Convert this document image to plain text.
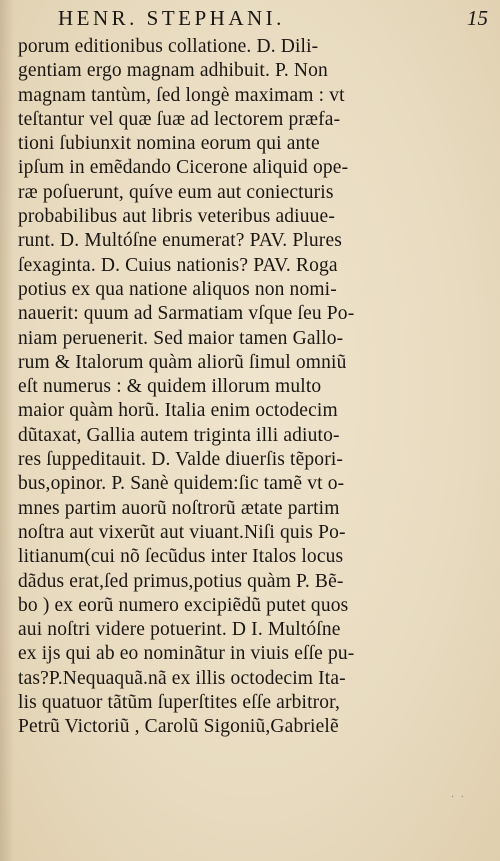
HENR. STEPHANI.	15
porum editionibus collatione. D. Dili-
gentiam ergo magnam adhibuit. P. Non
magnam tantùm, ſed longè maximam : vt
teſtantur vel quæ ſuæ ad lectorem præfa-
tioni ſubiunxit nomina eorum qui ante
ipſum in emẽdando Cicerone aliquid ope-
ræ poſuerunt, quíve eum aut coniecturis
probabilibus aut libris veteribus adiuue-
runt. D. Multóſne enumerat? PAV. Plures
ſexaginta. D. Cuius nationis? PAV. Roga
potius ex qua natione aliquos non nomi-
nauerit: quum ad Sarmatiam vſque ſeu Po-
niam peruenerit. Sed maior tamen Gallo-
rum & Italorum quàm aliorũ ſimul omniũ
eſt numerus : & quidem illorum multo
maior quàm horũ. Italia enim octodecim
dũtaxat, Gallia autem triginta illi adiuto-
res ſuppeditauit. D. Valde diuerſis tẽpori-
bus,opinor. P. Sanè quidem:ſic tamẽ vt o-
mnes partim auorũ noſtrorũ ætate partim
noſtra aut vixerũt aut viuant.Niſi quis Po-
litianum(cui nõ ſecũdus inter Italos locus
dãdus erat,ſed primus,potius quàm P. Bẽ-
bo ) ex eorũ numero excipiẽdũ putet quos
aui noſtri videre potuerint. D I. Multóſne
ex ijs qui ab eo nominãtur in viuis eſſe pu-
tas?P.Nequaquã.nã ex illis octodecim Ita-
lis quatuor tãtũm ſuperſtites eſſe arbitror,
Petrũ Victoriũ , Carolũ Sigoniũ,Gabrielẽ
· ·
